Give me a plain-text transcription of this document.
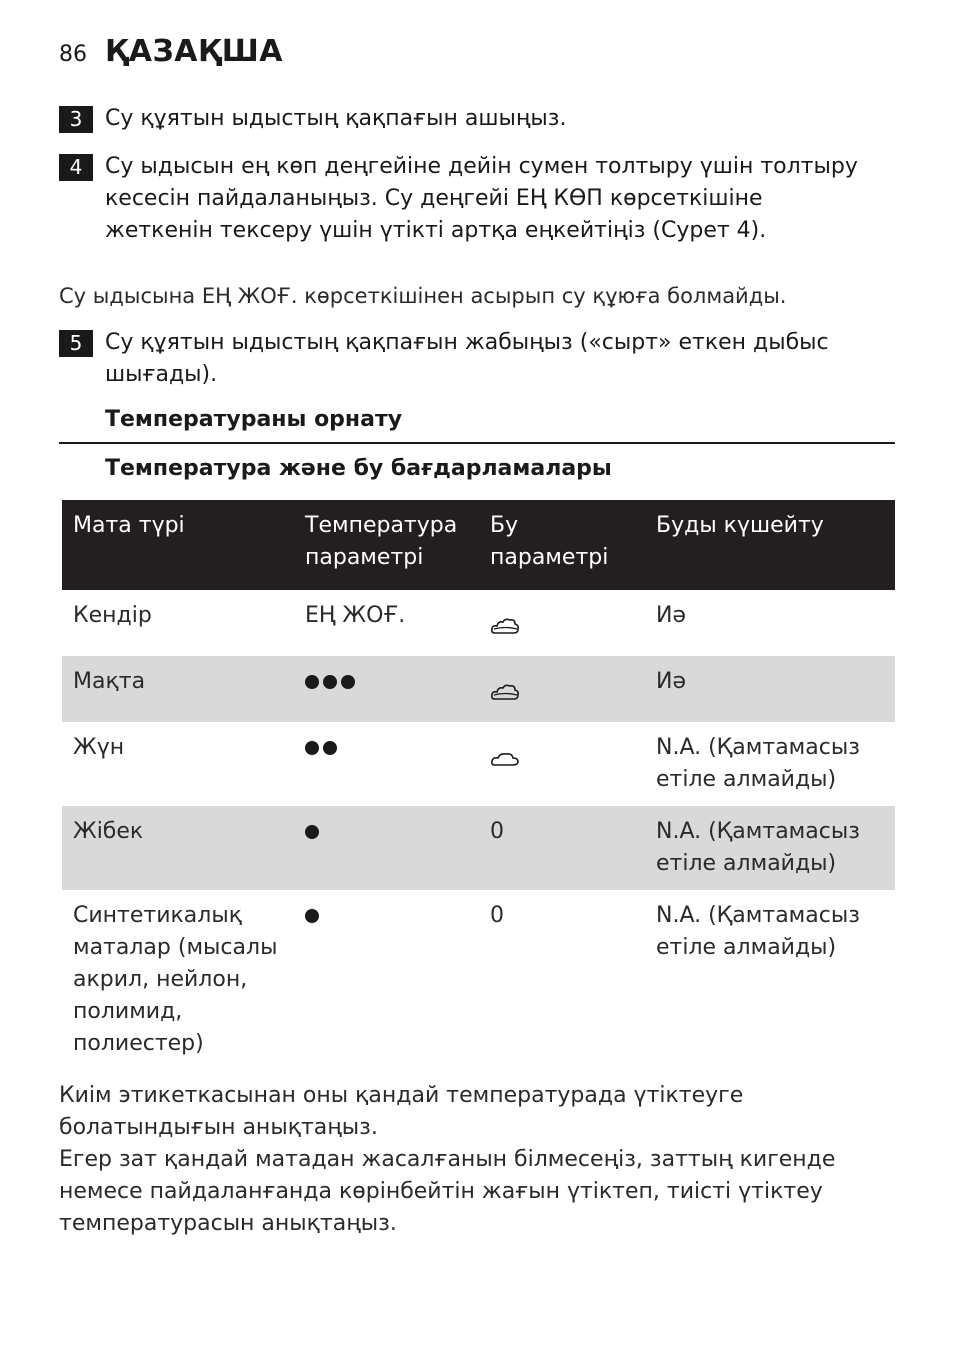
86 ҚАЗАҚША
3	Су құятын ыдыстың қақпағын ашыңыз.
4	Су ыдысын ең көп деңгейіне дейін сумен толтыру үшін толтыру кесесін пайдаланыңыз. Су деңгейі ЕҢ КӨП көрсеткішіне жеткенін тексеру үшін үтікті артқа еңкейтіңіз (Сурет 4).
Су ыдысына ЕҢ ЖОҒ. көрсеткішінен асырып су құюға болмайды.
5	Су құятын ыдыстың қақпағын жабыңыз («сырт» еткен дыбыс шығады).
Температураны орнату
Температура және бу бағдарламалары
Мата түрі	Температура параметрі	Бу параметрі	Буды күшейту
Кендір	ЕҢ ЖОҒ.		Иә
Мақта			Иә
Жүн			N.A. (Қамтамасыз етіле алмайды)
Жібек		0	N.A. (Қамтамасыз етіле алмайды)
Синтетикалық маталар (мысалы акрил, нейлон, полимид, полиестер)		0	N.A. (Қамтамасыз етіле алмайды)
Киім этикеткасынан оны қандай температурада үтіктеуге болатындығын анықтаңыз.
Егер зат қандай матадан жасалғанын білмесеңіз, заттың кигенде немесе пайдаланғанда көрінбейтін жағын үтіктеп, тиісті үтіктеу температурасын анықтаңыз.
